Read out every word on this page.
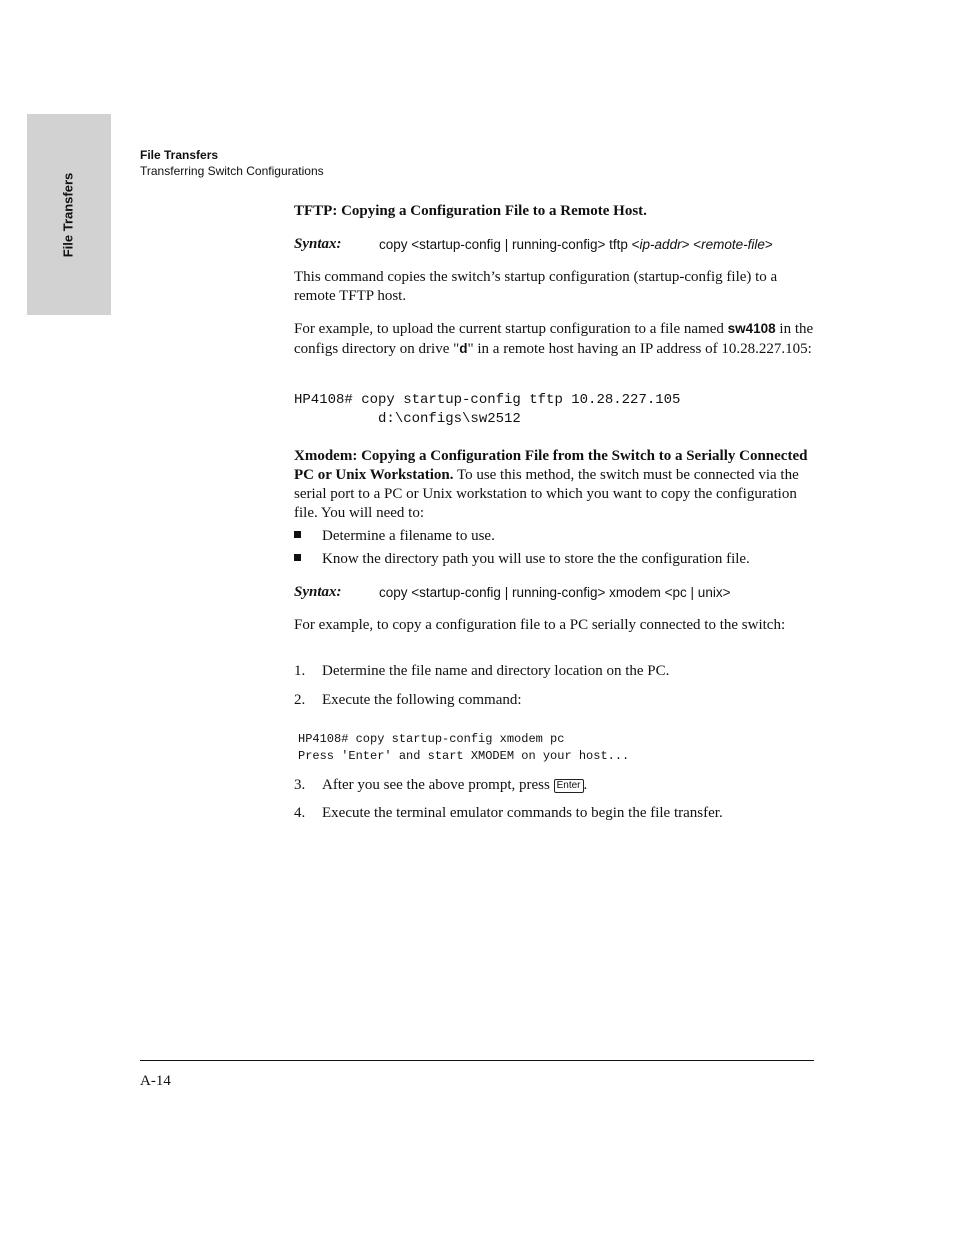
File Transfers
File Transfers
Transferring Switch Configurations
TFTP: Copying a Configuration File to a Remote Host.
Syntax:	copy <startup-config | running-config> tftp <ip-addr> <remote-file>
This command copies the switch’s startup configuration (startup-config file) to a remote TFTP host.
For example, to upload the current startup configuration to a file named sw4108 in the configs directory on drive "d" in a remote host having an IP address of 10.28.227.105:
HP4108# copy startup-config tftp 10.28.227.105
d:\configs\sw2512
Xmodem: Copying a Configuration File from the Switch to a Serially Connected PC or Unix Workstation. To use this method, the switch must be connected via the serial port to a PC or Unix workstation to which you want to copy the configuration file. You will need to:
Determine a filename to use.
Know the directory path you will use to store the the configuration file.
Syntax:	copy <startup-config | running-config> xmodem <pc | unix>
For example, to copy a configuration file to a PC serially connected to the switch:
1. Determine the file name and directory location on the PC.
2. Execute the following command:
HP4108# copy startup-config xmodem pc
Press 'Enter' and start XMODEM on your host...
3. After you see the above prompt, press Enter .
4. Execute the terminal emulator commands to begin the file transfer.
A-14
